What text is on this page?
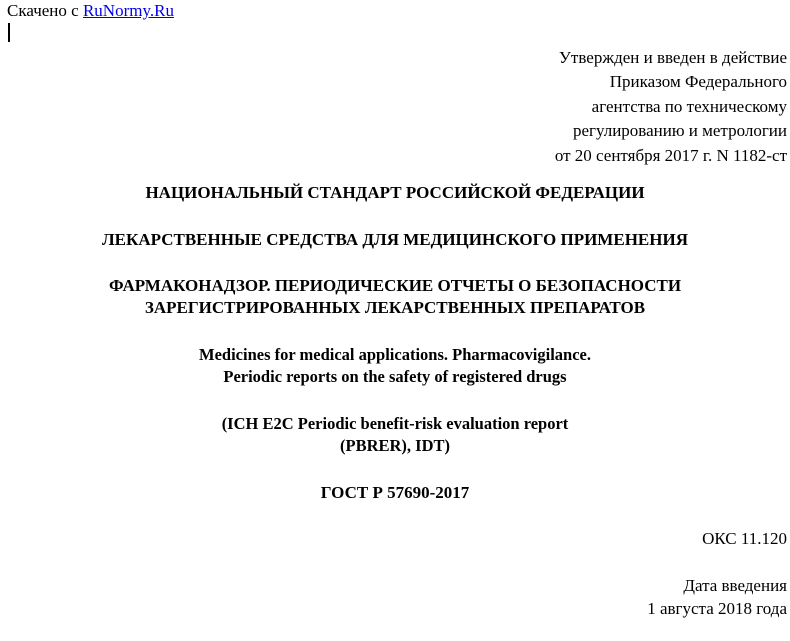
Скачено с RuNormy.Ru
Утвержден и введен в действие
Приказом Федерального
агентства по техническому
регулированию и метрологии
от 20 сентября 2017 г. N 1182-ст
НАЦИОНАЛЬНЫЙ СТАНДАРТ РОССИЙСКОЙ ФЕДЕРАЦИИ
ЛЕКАРСТВЕННЫЕ СРЕДСТВА ДЛЯ МЕДИЦИНСКОГО ПРИМЕНЕНИЯ
ФАРМАКОНАДЗОР. ПЕРИОДИЧЕСКИЕ ОТЧЕТЫ О БЕЗОПАСНОСТИ
ЗАРЕГИСТРИРОВАННЫХ ЛЕКАРСТВЕННЫХ ПРЕПАРАТОВ
Medicines for medical applications. Pharmacovigilance.
Periodic reports on the safety of registered drugs
(ICH E2C Periodic benefit-risk evaluation report
(PBRER), IDT)
ГОСТ Р 57690-2017
ОКС 11.120
Дата введения
1 августа 2018 года
